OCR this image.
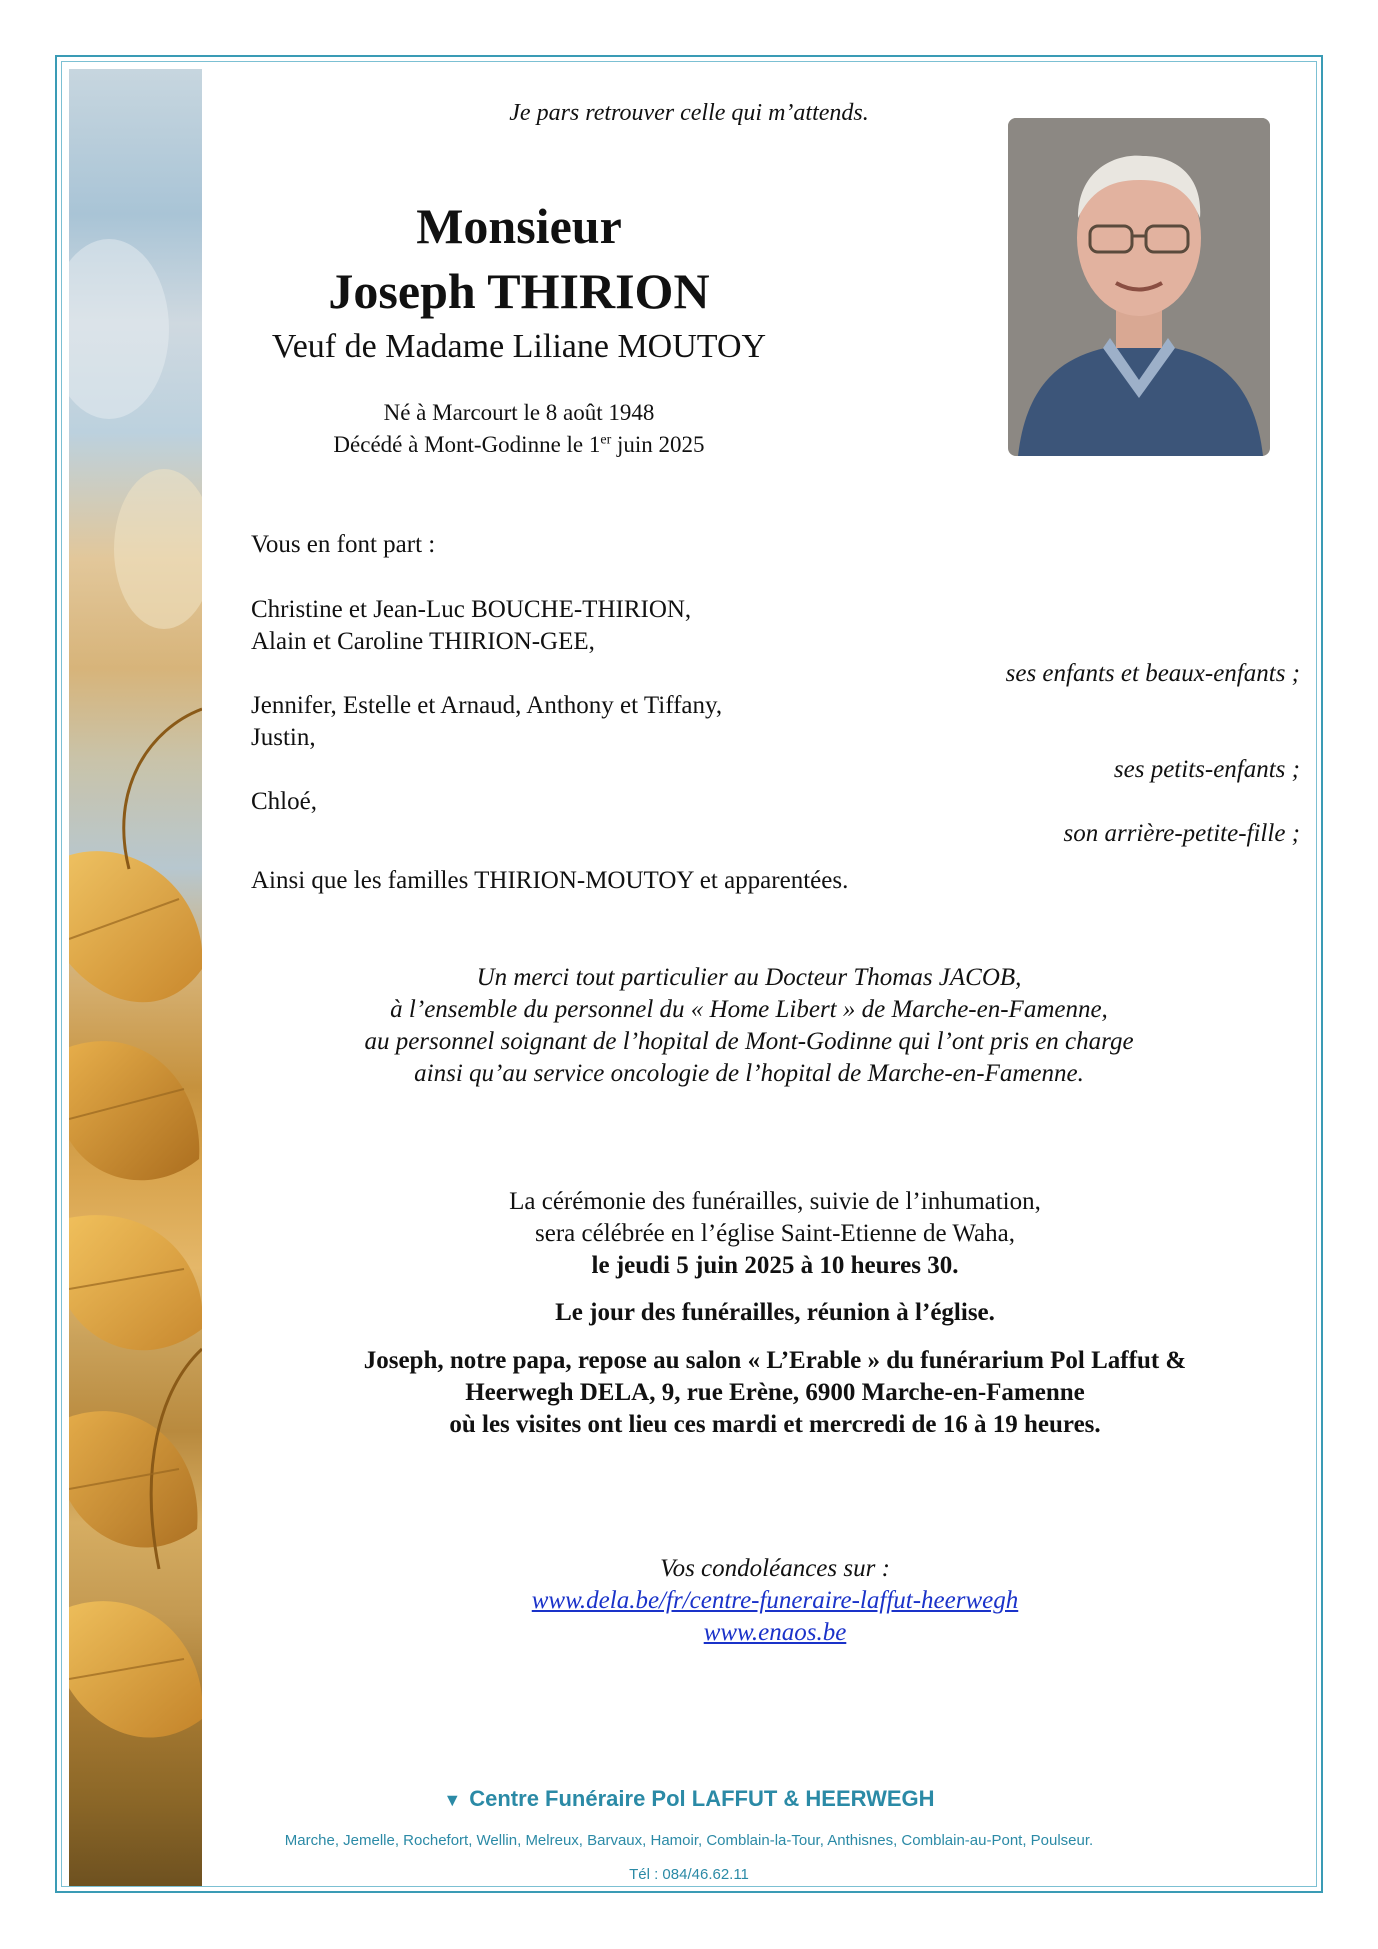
Je pars retrouver celle qui m’attends.
Monsieur
Joseph THIRION
Veuf de Madame Liliane MOUTOY
Né à Marcourt le 8 août 1948
Décédé à Mont-Godinne le 1er juin 2025
Vous en font part :
Christine et Jean-Luc BOUCHE-THIRION,
Alain et Caroline THIRION-GEE,
ses enfants et beaux-enfants ;
Jennifer, Estelle et Arnaud, Anthony et Tiffany,
Justin,
ses petits-enfants ;
Chloé,
son arrière-petite-fille ;
Ainsi que les familles THIRION-MOUTOY et apparentées.
Un merci tout particulier au Docteur Thomas JACOB,
à l’ensemble du personnel du « Home Libert » de Marche-en-Famenne,
au personnel soignant de l’hopital de Mont-Godinne qui l’ont pris en charge
ainsi qu’au service oncologie de l’hopital de Marche-en-Famenne.
La cérémonie des funérailles, suivie de l’inhumation,
sera célébrée en l’église Saint-Etienne de Waha,
le jeudi 5 juin 2025 à 10 heures 30.
Le jour des funérailles, réunion à l’église.
Joseph, notre papa, repose au salon « L’Erable » du funérarium Pol Laffut &
Heerwegh DELA, 9, rue Erène, 6900 Marche-en-Famenne
où les visites ont lieu ces mardi et mercredi de 16 à 19 heures.
Vos condoléances sur :
www.dela.be/fr/centre-funeraire-laffut-heerwegh
www.enaos.be
▼ Centre Funéraire Pol LAFFUT & HEERWEGH
Marche, Jemelle, Rochefort, Wellin, Melreux, Barvaux, Hamoir, Comblain-la-Tour, Anthisnes, Comblain-au-Pont, Poulseur.
Tél : 084/46.62.11
